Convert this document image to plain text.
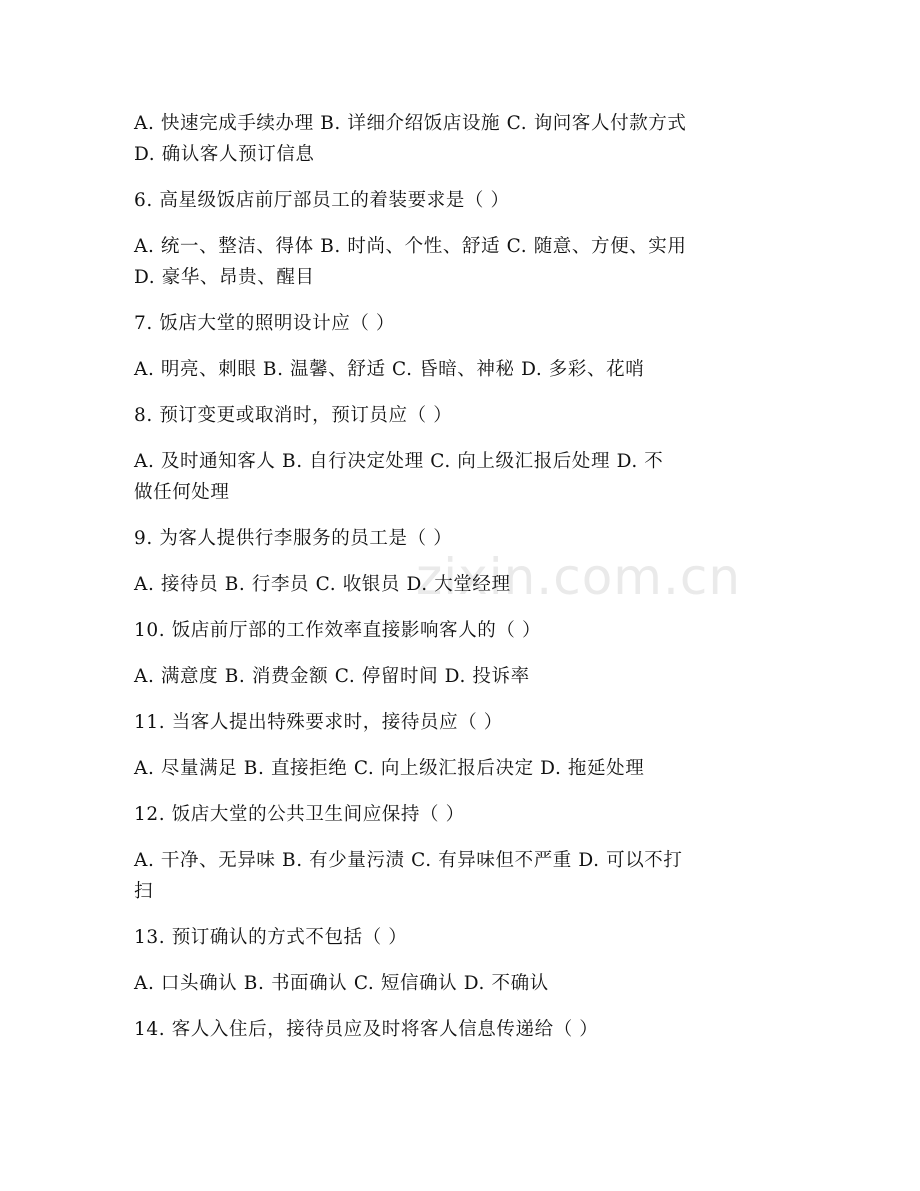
zixin.com.cn
A. 快速完成手续办理 B. 详细介绍饭店设施 C. 询问客人付款方式
D. 确认客人预订信息
6. 高星级饭店前厅部员工的着装要求是（ ）
A. 统一、整洁、得体 B. 时尚、个性、舒适 C. 随意、方便、实用
D. 豪华、昂贵、醒目
7. 饭店大堂的照明设计应（ ）
A. 明亮、刺眼 B. 温馨、舒适 C. 昏暗、神秘 D. 多彩、花哨
8. 预订变更或取消时，预订员应（ ）
A. 及时通知客人 B. 自行决定处理 C. 向上级汇报后处理 D. 不
做任何处理
9. 为客人提供行李服务的员工是（ ）
A. 接待员 B. 行李员 C. 收银员 D. 大堂经理
10. 饭店前厅部的工作效率直接影响客人的（ ）
A. 满意度 B. 消费金额 C. 停留时间 D. 投诉率
11. 当客人提出特殊要求时，接待员应（ ）
A. 尽量满足 B. 直接拒绝 C. 向上级汇报后决定 D. 拖延处理
12. 饭店大堂的公共卫生间应保持（ ）
A. 干净、无异味 B. 有少量污渍 C. 有异味但不严重 D. 可以不打
扫
13. 预订确认的方式不包括（ ）
A. 口头确认 B. 书面确认 C. 短信确认 D. 不确认
14. 客人入住后，接待员应及时将客人信息传递给（ ）
